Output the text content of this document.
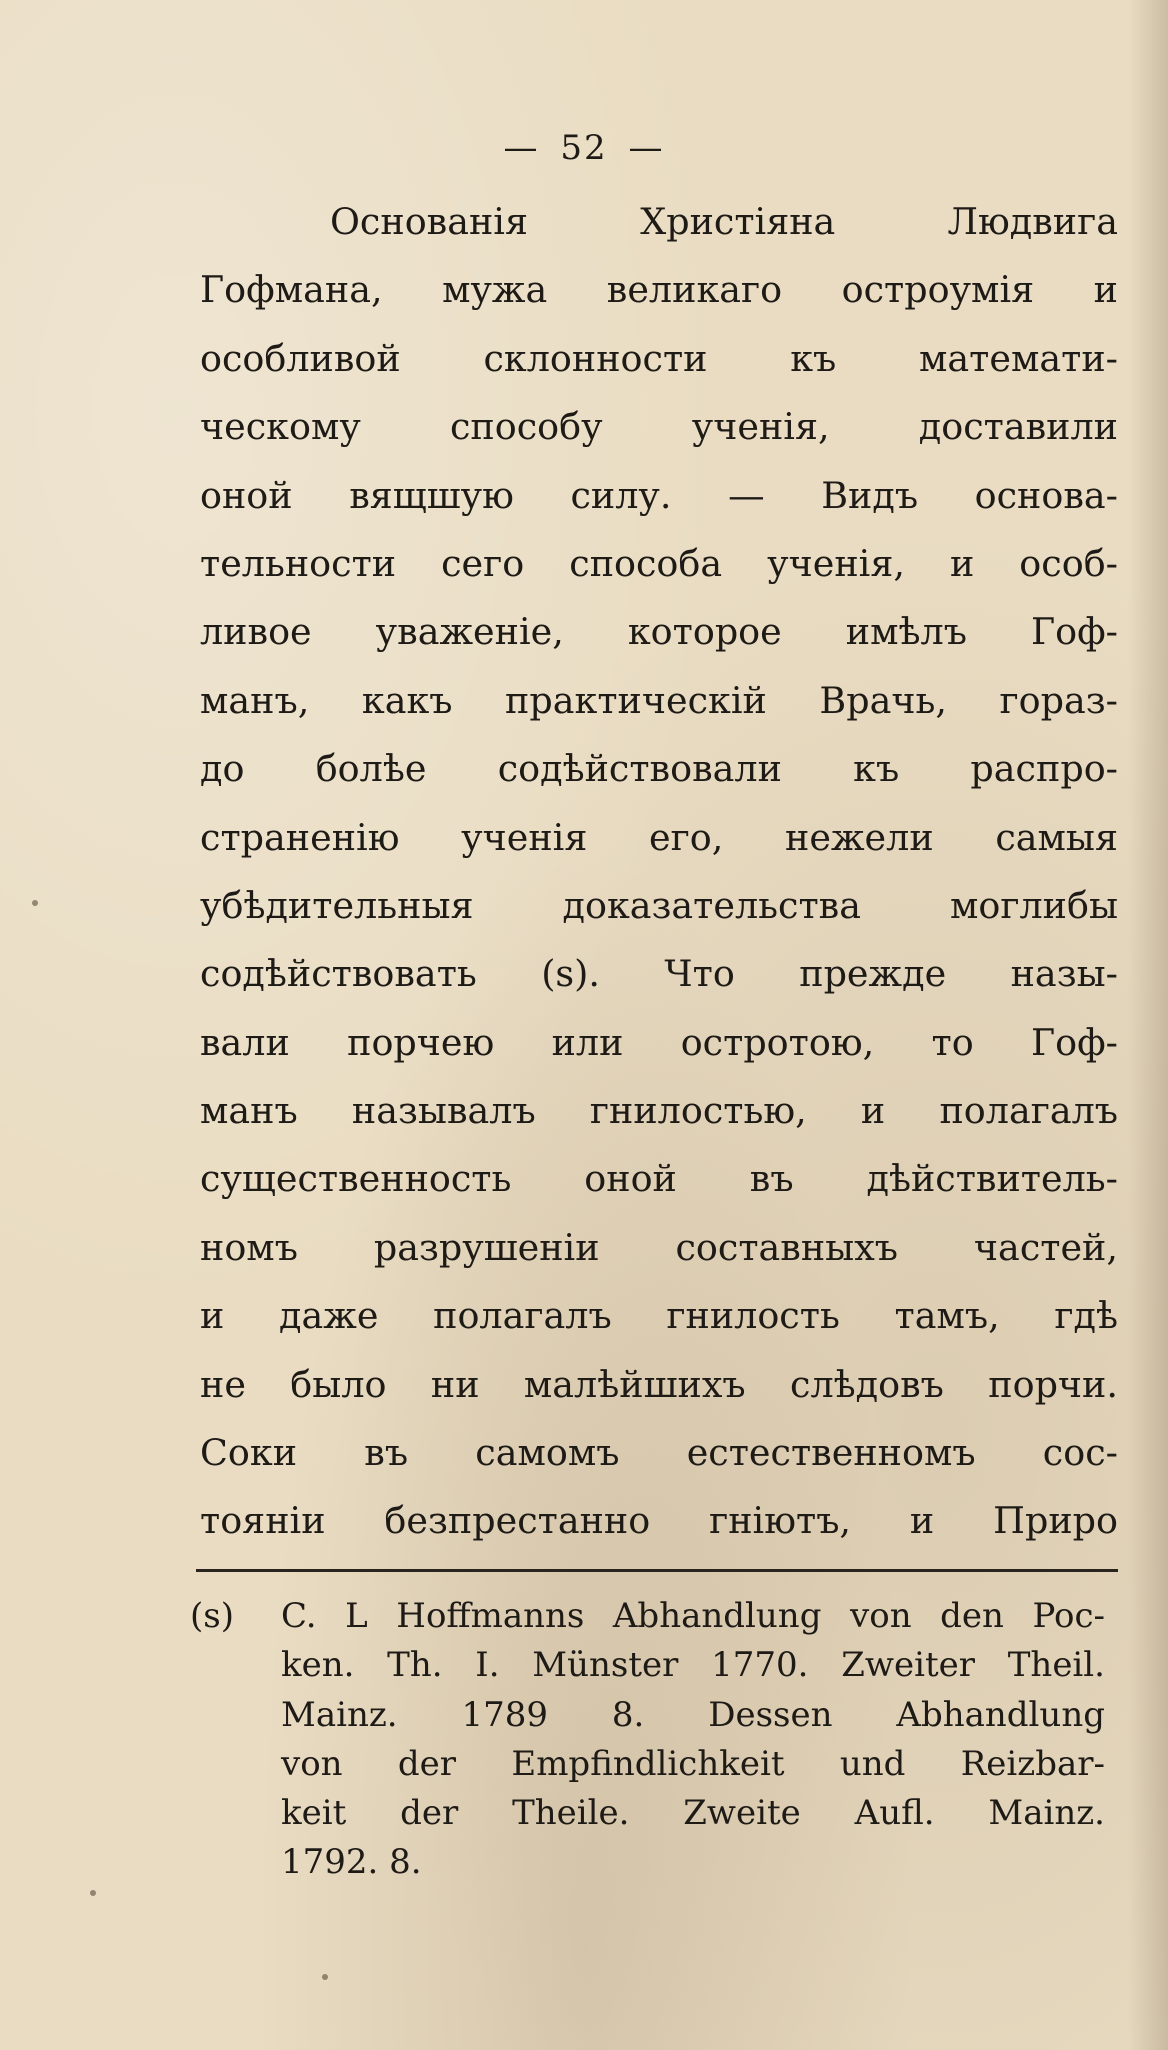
— 52 —
Основанія Христіяна Людвига
Гофмана, мужа великаго остроумія и
особливой склонности къ математи-
ческому способу ученія, доставили
оной вящшую силу. — Видъ основа-
тельности сего способа ученія, и особ-
ливое уваженіе, которое имѣлъ Гоф-
манъ, какъ практическій Врачь, гораз-
до болѣе содѣйствовали къ распро-
страненію ученія его, нежели самыя
убѣдительныя доказательства моглибы
содѣйствовать (s). Что прежде назы-
вали порчею или остротою, то Гоф-
манъ называлъ гнилостью, и полагалъ
существенность оной въ дѣйствитель-
номъ разрушеніи составныхъ частей,
и даже полагалъ гнилость тамъ, гдѣ
не было ни малѣйшихъ слѣдовъ порчи.
Соки въ самомъ естественномъ сос-
тояніи безпрестанно гніютъ, и Приро
(s)	C. L Hoffmanns Abhandlung von den Poc-
ken. Th. I. Münster 1770. Zweiter Theil.
Mainz. 1789 8. Dessen Abhandlung
von der Empfindlichkeit und Reizbar-
keit der Theile. Zweite Aufl. Mainz.
1792. 8.
